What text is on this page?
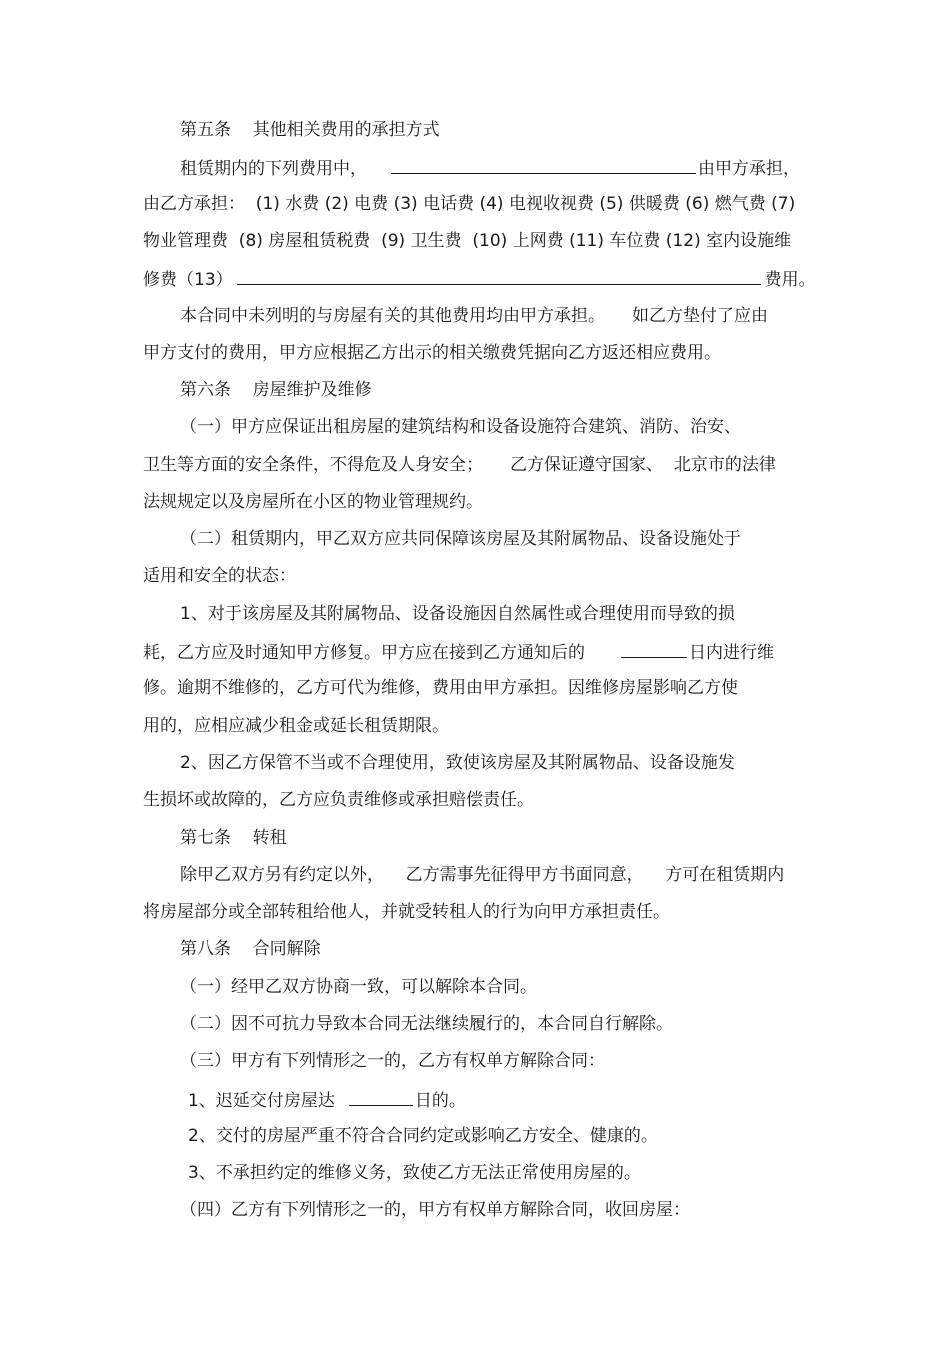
第五条    其他相关费用的承担方式
租赁期内的下列费用中，	由甲方承担，
由乙方承担：  (1) 水费 (2) 电费 (3) 电话费 (4) 电视收视费 (5) 供暖费 (6) 燃气费 (7)
物业管理费  (8) 房屋租赁税费  (9) 卫生费  (10) 上网费 (11) 车位费 (12) 室内设施维
修费（13）	费用。
本合同中未列明的与房屋有关的其他费用均由甲方承担。     如乙方垫付了应由
甲方支付的费用，甲方应根据乙方出示的相关缴费凭据向乙方返还相应费用。
第六条    房屋维护及维修
（一）甲方应保证出租房屋的建筑结构和设备设施符合建筑、消防、治安、
卫生等方面的安全条件，不得危及人身安全；     乙方保证遵守国家、  北京市的法律
法规规定以及房屋所在小区的物业管理规约。
（二）租赁期内，甲乙双方应共同保障该房屋及其附属物品、设备设施处于
适用和安全的状态：
1、对于该房屋及其附属物品、设备设施因自然属性或合理使用而导致的损
耗，乙方应及时通知甲方修复。甲方应在接到乙方通知后的	日内进行维
修。逾期不维修的，乙方可代为维修，费用由甲方承担。因维修房屋影响乙方使
用的，应相应减少租金或延长租赁期限。
2、因乙方保管不当或不合理使用，致使该房屋及其附属物品、设备设施发
生损坏或故障的，乙方应负责维修或承担赔偿责任。
第七条    转租
除甲乙双方另有约定以外，    乙方需事先征得甲方书面同意，    方可在租赁期内
将房屋部分或全部转租给他人，并就受转租人的行为向甲方承担责任。
第八条    合同解除
（一）经甲乙双方协商一致，可以解除本合同。
（二）因不可抗力导致本合同无法继续履行的，本合同自行解除。
（三）甲方有下列情形之一的，乙方有权单方解除合同：
1、迟延交付房屋达	日的。
2、交付的房屋严重不符合合同约定或影响乙方安全、健康的。
3、不承担约定的维修义务，致使乙方无法正常使用房屋的。
（四）乙方有下列情形之一的，甲方有权单方解除合同，收回房屋：
